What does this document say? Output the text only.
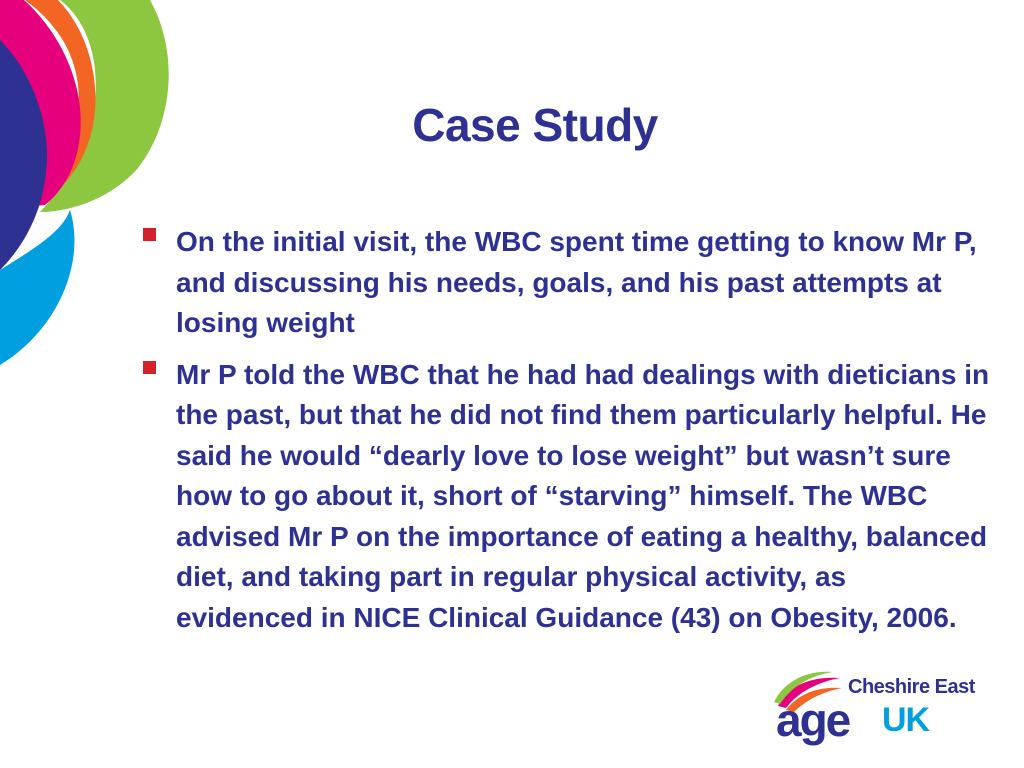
Case Study
On the initial visit, the WBC spent time getting to know Mr P, and discussing his needs, goals, and his past attempts at losing weight
Mr P told the WBC that he had had dealings with dieticians in the past, but that he did not find them particularly helpful. He said he would “dearly love to lose weight” but wasn’t sure how to go about it, short of “starving” himself. The WBC advised Mr P on the importance of eating a healthy, balanced diet, and taking part in regular physical activity, as evidenced in NICE Clinical Guidance (43) on Obesity, 2006.
Cheshire East
age UK
